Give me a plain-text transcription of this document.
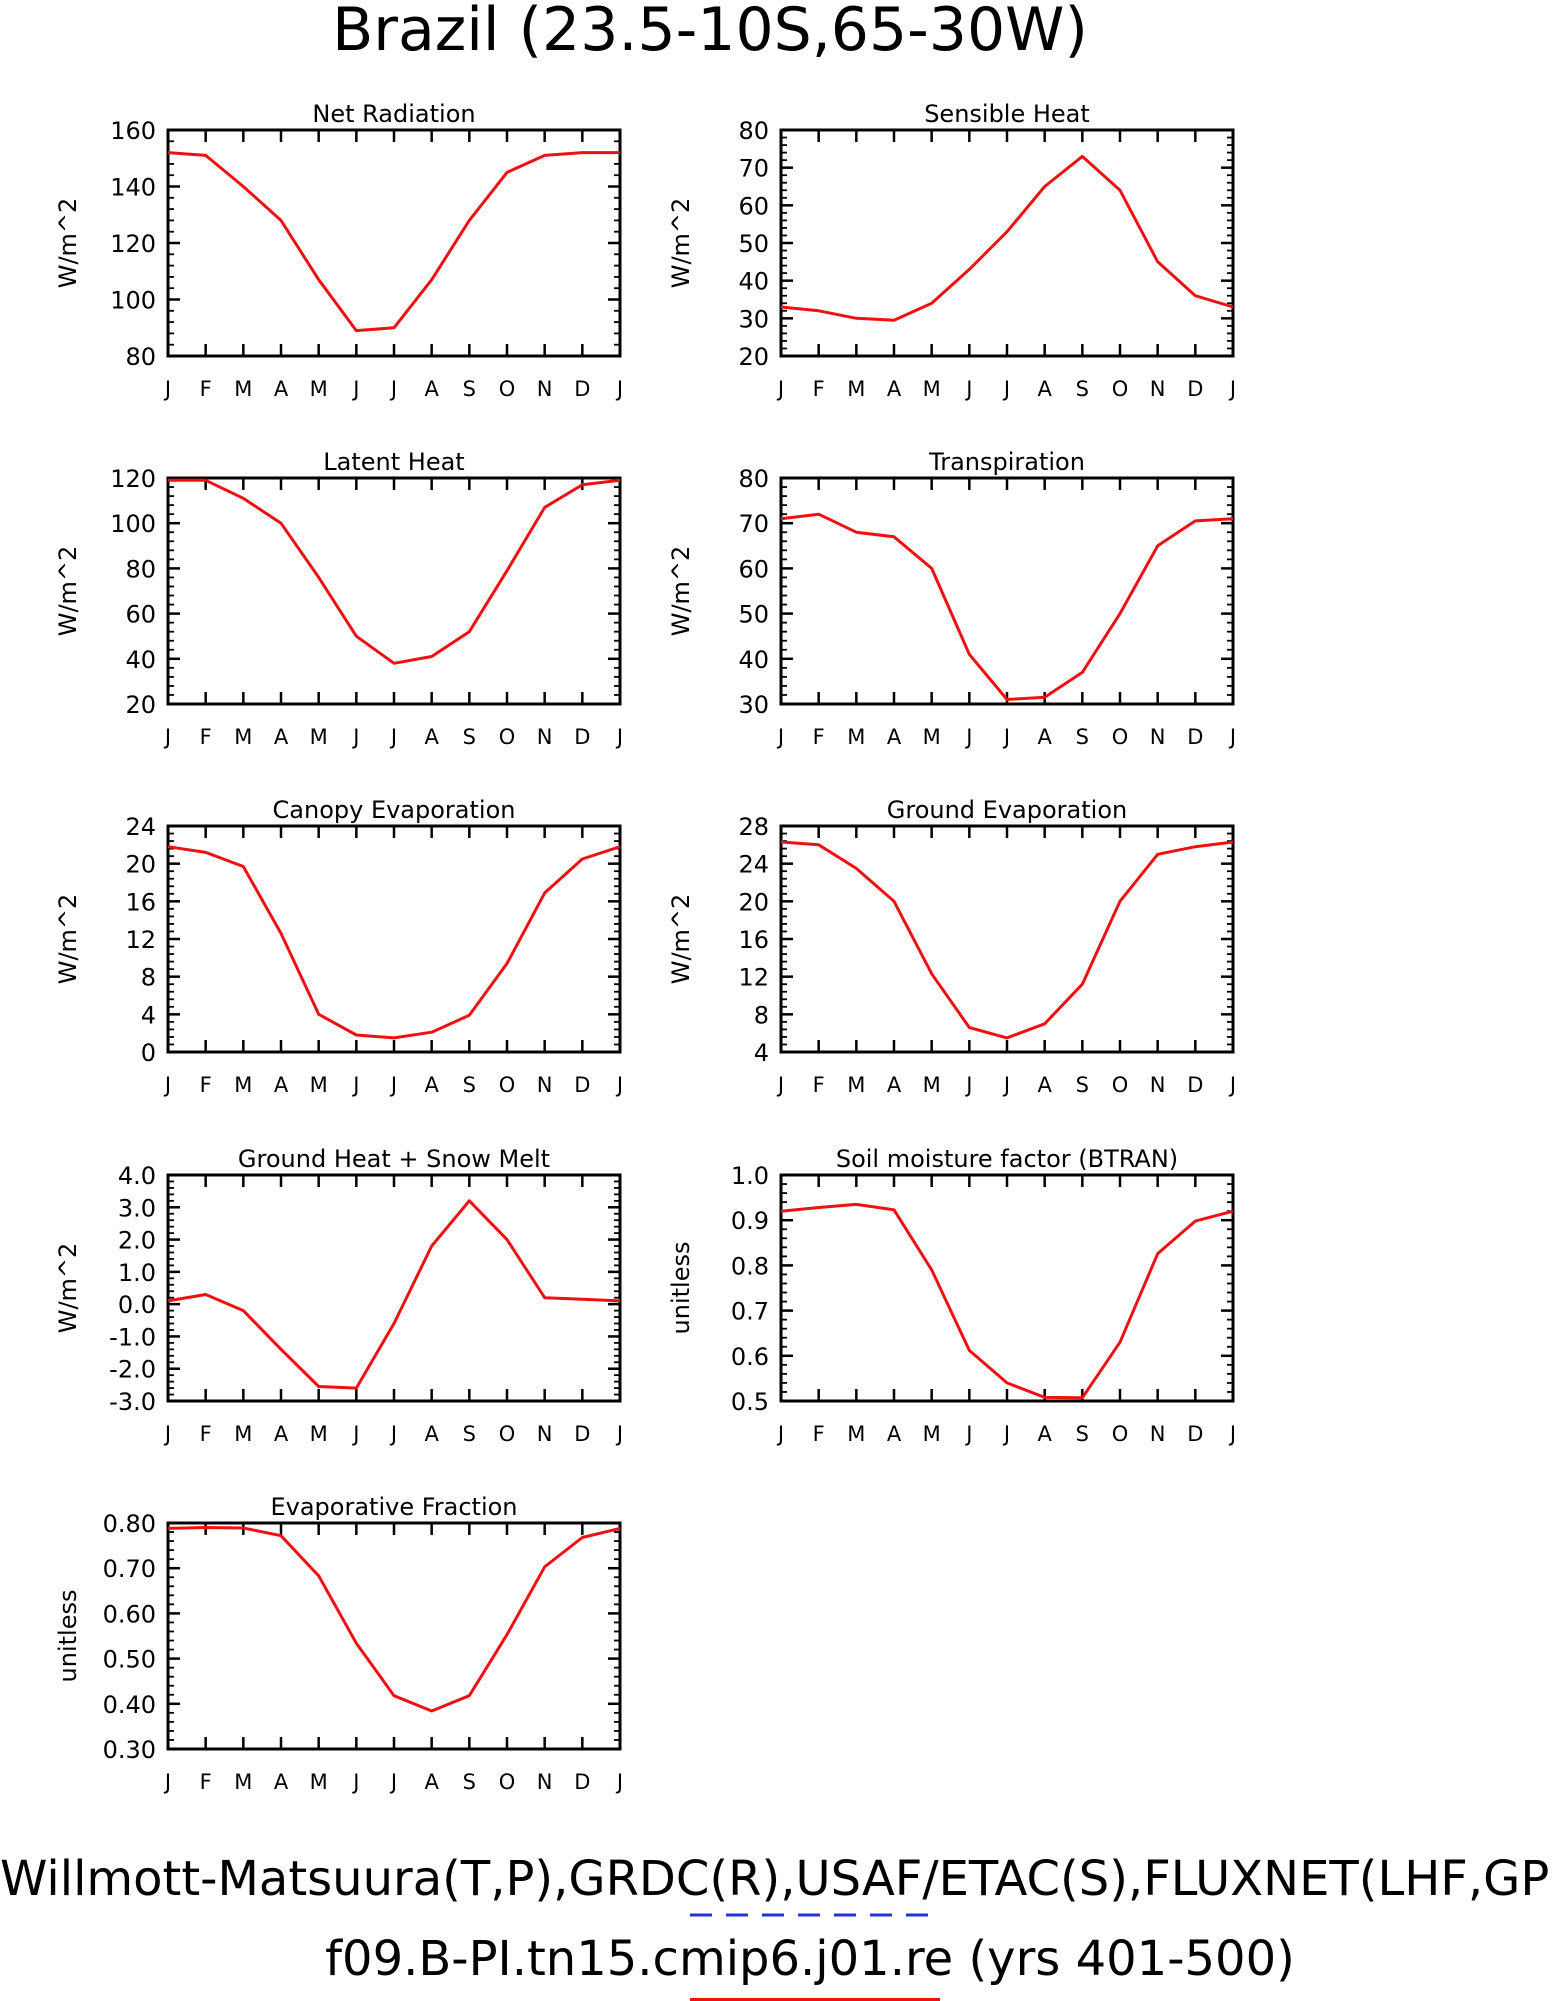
Brazil (23.5-10S,65-30W)
J F M A M J J A S O N D J
80
100
120
140
160
Net Radiation
W/m^2
J F M A M J J A S O N D J
20
30
40
50
60
70
80
Sensible Heat
W/m^2
J F M A M J J A S O N D J
20
40
60
80
100
120
Latent Heat
W/m^2
J F M A M J J A S O N D J
30
40
50
60
70
80
Transpiration
W/m^2
J F M A M J J A S O N D J
0
4
8
12
16
20
24
Canopy Evaporation
W/m^2
J F M A M J J A S O N D J
4
8
12
16
20
24
28
Ground Evaporation
W/m^2
J F M A M J J A S O N D J
-3.0
-2.0
-1.0
0.0
1.0
2.0
3.0
4.0
Ground Heat + Snow Melt
W/m^2
J F M A M J J A S O N D J
0.5
0.6
0.7
0.8
0.9
1.0
Soil moisture factor (BTRAN)
unitless
J F M A M J J A S O N D J
0.30
0.40
0.50
0.60
0.70
0.80
Evaporative Fraction
unitless
Willmott-Matsuura(T,P),GRDC(R),USAF/ETAC(S),FLUXNET(LHF,GP
f09.B-PI.tn15.cmip6.j01.re (yrs 401-500)
